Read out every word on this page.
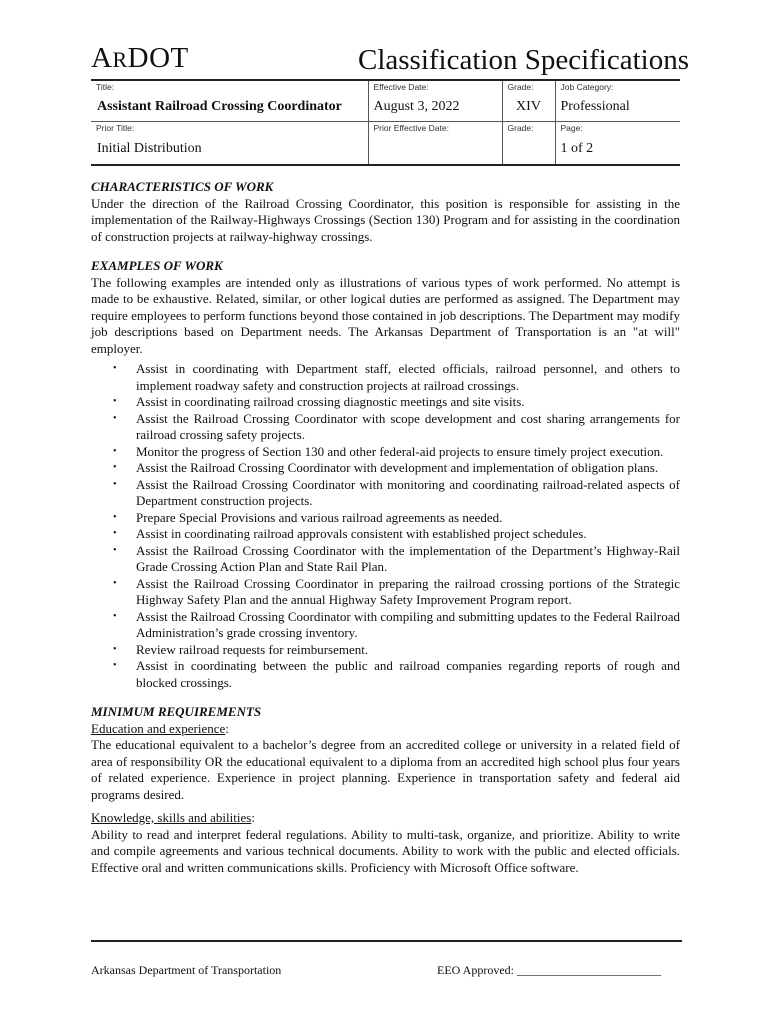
ARDOT	Classification Specifications
Title:	Effective Date:	Grade:	Job Category:
Assistant Railroad Crossing Coordinator	August 3, 2022	XIV	Professional
Prior Title:	Prior Effective Date:	Grade:	Page:
Initial Distribution			1 of 2
CHARACTERISTICS OF WORK

Under the direction of the Railroad Crossing Coordinator, this position is responsible for assisting in the implementation of the Railway-Highways Crossings (Section 130) Program and for assisting in the coordination of construction projects at railway-highway crossings.

EXAMPLES OF WORK

The following examples are intended only as illustrations of various types of work performed. No attempt is made to be exhaustive. Related, similar, or other logical duties are performed as assigned. The Department may require employees to perform functions beyond those contained in job descriptions. The Department may modify job descriptions based on Department needs. The Arkansas Department of Transportation is an "at will" employer.

• Assist in coordinating with Department staff, elected officials, railroad personnel, and others to implement roadway safety and construction projects at railroad crossings.
• Assist in coordinating railroad crossing diagnostic meetings and site visits.
• Assist the Railroad Crossing Coordinator with scope development and cost sharing arrangements for railroad crossing safety projects.
• Monitor the progress of Section 130 and other federal-aid projects to ensure timely project execution.
• Assist the Railroad Crossing Coordinator with development and implementation of obligation plans.
• Assist the Railroad Crossing Coordinator with monitoring and coordinating railroad-related aspects of Department construction projects.
• Prepare Special Provisions and various railroad agreements as needed.
• Assist in coordinating railroad approvals consistent with established project schedules.
• Assist the Railroad Crossing Coordinator with the implementation of the Department’s Highway-Rail Grade Crossing Action Plan and State Rail Plan.
• Assist the Railroad Crossing Coordinator in preparing the railroad crossing portions of the Strategic Highway Safety Plan and the annual Highway Safety Improvement Program report.
• Assist the Railroad Crossing Coordinator with compiling and submitting updates to the Federal Railroad Administration’s grade crossing inventory.
• Review railroad requests for reimbursement.
• Assist in coordinating between the public and railroad companies regarding reports of rough and blocked crossings.
MINIMUM REQUIREMENTS
Education and experience:

The educational equivalent to a bachelor’s degree from an accredited college or university in a related field of area of responsibility OR the educational equivalent to a diploma from an accredited high school plus four years of related experience. Experience in project planning. Experience in transportation safety and federal aid programs desired.

Knowledge, skills and abilities:

Ability to read and interpret federal regulations. Ability to multi-task, organize, and prioritize. Ability to write and compile agreements and various technical documents. Ability to work with the public and elected officials. Effective oral and written communications skills. Proficiency with Microsoft Office software.

Arkansas Department of Transportation	EEO Approved: ________________________
